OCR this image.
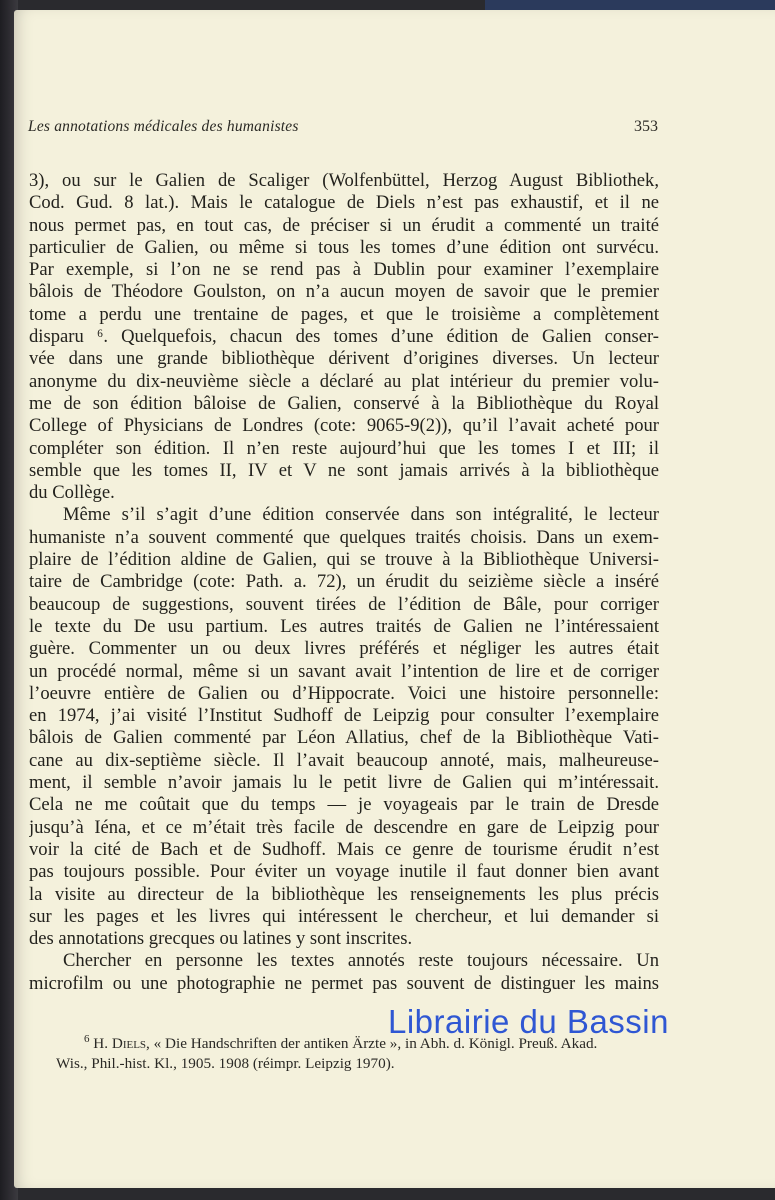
Les annotations médicales des humanistes	353
3), ou sur le Galien de Scaliger (Wolfenbüttel, Herzog August Bibliothek,
Cod. Gud. 8 lat.). Mais le catalogue de Diels n’est pas exhaustif, et il ne
nous permet pas, en tout cas, de préciser si un érudit a commenté un traité
particulier de Galien, ou même si tous les tomes d’une édition ont survécu.
Par exemple, si l’on ne se rend pas à Dublin pour examiner l’exemplaire
bâlois de Théodore Goulston, on n’a aucun moyen de savoir que le premier
tome a perdu une trentaine de pages, et que le troisième a complètement
disparu ⁶. Quelquefois, chacun des tomes d’une édition de Galien conser-
vée dans une grande bibliothèque dérivent d’origines diverses. Un lecteur
anonyme du dix-neuvième siècle a déclaré au plat intérieur du premier volu-
me de son édition bâloise de Galien, conservé à la Bibliothèque du Royal
College of Physicians de Londres (cote: 9065-9(2)), qu’il l’avait acheté pour
compléter son édition. Il n’en reste aujourd’hui que les tomes I et III; il
semble que les tomes II, IV et V ne sont jamais arrivés à la bibliothèque
du Collège.
Même s’il s’agit d’une édition conservée dans son intégralité, le lecteur
humaniste n’a souvent commenté que quelques traités choisis. Dans un exem-
plaire de l’édition aldine de Galien, qui se trouve à la Bibliothèque Universi-
taire de Cambridge (cote: Path. a. 72), un érudit du seizième siècle a inséré
beaucoup de suggestions, souvent tirées de l’édition de Bâle, pour corriger
le texte du De usu partium. Les autres traités de Galien ne l’intéressaient
guère. Commenter un ou deux livres préférés et négliger les autres était
un procédé normal, même si un savant avait l’intention de lire et de corriger
l’oeuvre entière de Galien ou d’Hippocrate. Voici une histoire personnelle:
en 1974, j’ai visité l’Institut Sudhoff de Leipzig pour consulter l’exemplaire
bâlois de Galien commenté par Léon Allatius, chef de la Bibliothèque Vati-
cane au dix-septième siècle. Il l’avait beaucoup annoté, mais, malheureuse-
ment, il semble n’avoir jamais lu le petit livre de Galien qui m’intéressait.
Cela ne me coûtait que du temps — je voyageais par le train de Dresde
jusqu’à Iéna, et ce m’était très facile de descendre en gare de Leipzig pour
voir la cité de Bach et de Sudhoff. Mais ce genre de tourisme érudit n’est
pas toujours possible. Pour éviter un voyage inutile il faut donner bien avant
la visite au directeur de la bibliothèque les renseignements les plus précis
sur les pages et les livres qui intéressent le chercheur, et lui demander si
des annotations grecques ou latines y sont inscrites.
Chercher en personne les textes annotés reste toujours nécessaire. Un
microfilm ou une photographie ne permet pas souvent de distinguer les mains
$^6$ H. Diels, « Die Handschriften der antiken Ärzte », in Abh. d. Königl. Preuß. Akad.
Wis., Phil.-hist. Kl., 1905. 1908 (réimpr. Leipzig 1970).
Librairie du Bassin
